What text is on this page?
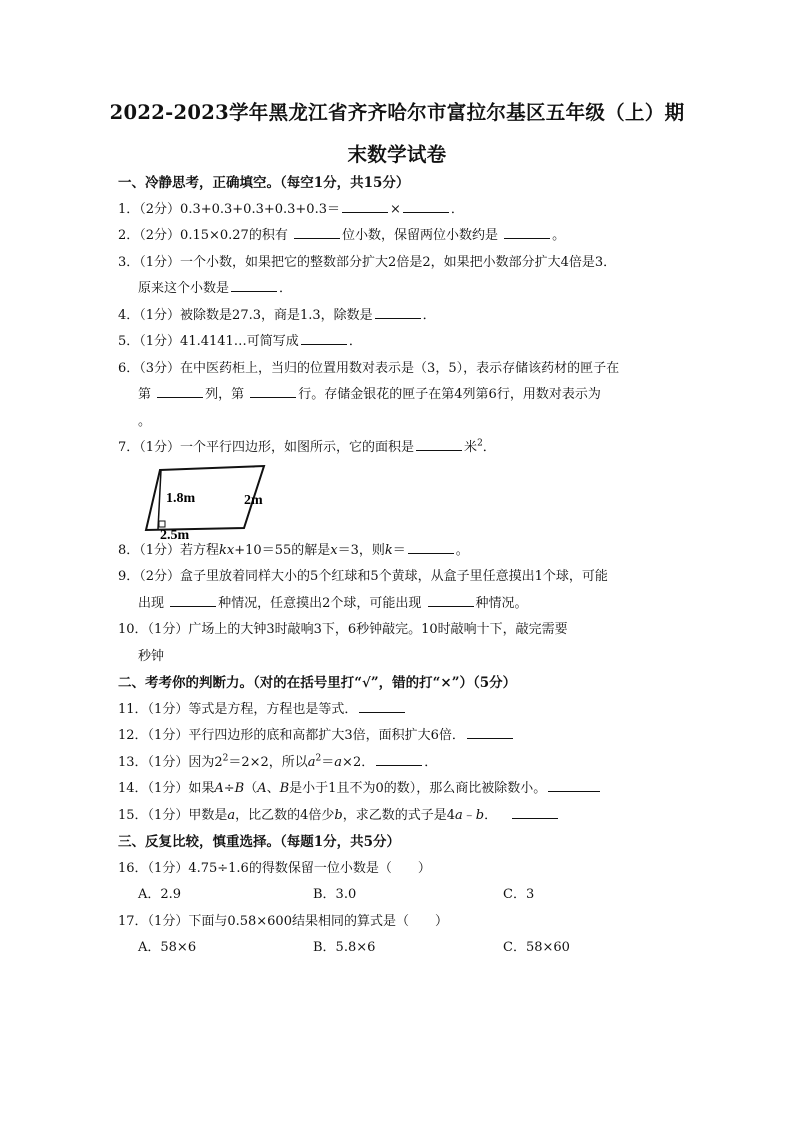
2022-2023学年黑龙江省齐齐哈尔市富拉尔基区五年级（上）期
末数学试卷
一、冷静思考，正确填空。（每空1分，共15分）
1．（2分）0.3+0.3+0.3+0.3+0.3＝	×	．
2．（2分）0.15×0.27的积有	位小数，保留两位小数约是	。
3．（1分）一个小数，如果把它的整数部分扩大2倍是2，如果把小数部分扩大4倍是3．
原来这个小数是	．
4．（1分）被除数是27.3，商是1.3，除数是	．
5．（1分）41.4141…可简写成	．
6．（3分）在中医药柜上，当归的位置用数对表示是（3，5），表示存储该药材的匣子在
第	列，第	行。存储金银花的匣子在第4列第6行，用数对表示为
。
7．（1分）一个平行四边形，如图所示，它的面积是	米$^2$．
1.8m	2m
2.5m
8．（1分）若方程kx+10＝55的解是x＝3，则k＝	。
9．（2分）盒子里放着同样大小的5个红球和5个黄球，从盒子里任意摸出1个球，可能
出现	种情况，任意摸出2个球，可能出现	种情况。
10．（1分）广场上的大钟3时敲响3下，6秒钟敲完。10时敲响十下，敲完需要
秒钟
二、考考你的判断力。（对的在括号里打“√”，错的打“×”）（5分）
11．（1分）等式是方程，方程也是等式．
12．（1分）平行四边形的底和高都扩大3倍，面积扩大6倍．
13．（1分）因为$2^2=2\times 2$，所以$a^2=a\times 2$．	．
14．（1分）如果A÷B（A、B是小于1且不为0的数），那么商比被除数小。
15．（1分）甲数是a，比乙数的4倍少b，求乙数的式子是4a﹣b．
三、反复比较，慎重选择。（每题1分，共5分）
16．（1分）4.75÷1.6的得数保留一位小数是（　　）
A．2.9	B．3.0	C．3
17．（1分）下面与0.58×600结果相同的算式是（　　）
A．58×6	B．5.8×6	C．58×60
